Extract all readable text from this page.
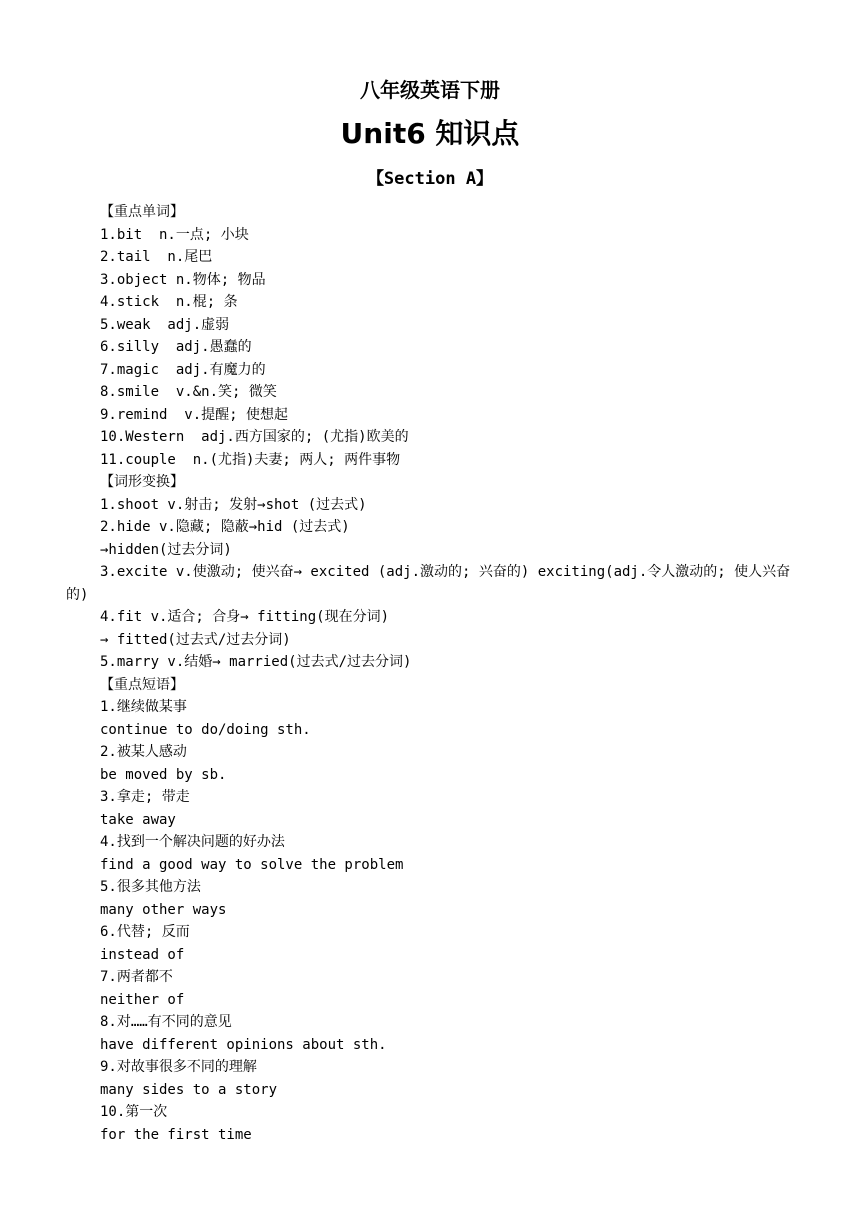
八年级英语下册
Unit6 知识点
【Section A】
【重点单词】
1.bit  n.一点; 小块
2.tail  n.尾巴
3.object n.物体; 物品
4.stick  n.棍; 条
5.weak  adj.虚弱
6.silly  adj.愚蠢的
7.magic  adj.有魔力的
8.smile  v.&n.笑; 微笑
9.remind  v.提醒; 使想起
10.Western  adj.西方国家的; (尤指)欧美的
11.couple  n.(尤指)夫妻; 两人; 两件事物
【词形变换】
1.shoot v.射击; 发射→shot (过去式)
2.hide v.隐藏; 隐蔽→hid (过去式)
→hidden(过去分词)
3.excite v.使激动; 使兴奋→ excited (adj.激动的; 兴奋的) exciting(adj.令人激动的; 使人兴奋的)
4.fit v.适合; 合身→ fitting(现在分词)
→ fitted(过去式/过去分词)
5.marry v.结婚→ married(过去式/过去分词)
【重点短语】
1.继续做某事
continue to do/doing sth.
2.被某人感动
be moved by sb.
3.拿走; 带走
take away
4.找到一个解决问题的好办法
find a good way to solve the problem
5.很多其他方法
many other ways
6.代替; 反而
instead of
7.两者都不
neither of
8.对……有不同的意见
have different opinions about sth.
9.对故事很多不同的理解
many sides to a story
10.第一次
for the first time
